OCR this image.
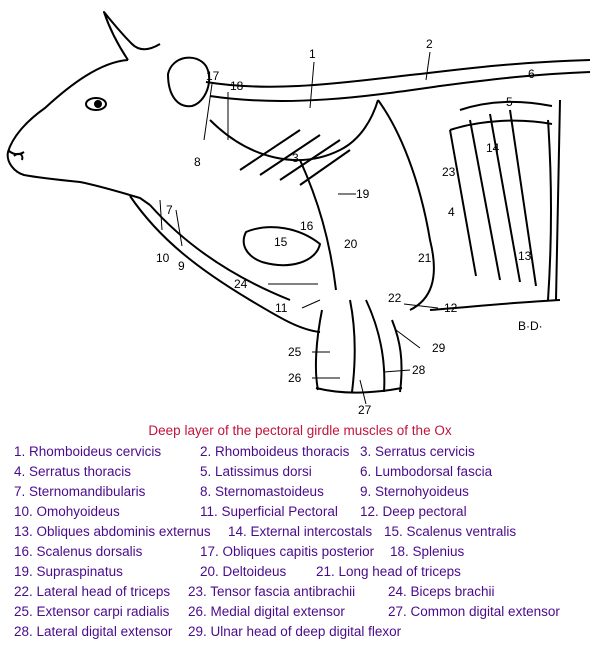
1
2
3
4
5
6
7
8
9
10
11	12
13
14
15
16
17
18
19
20
21
22
23
24
25
26
27
28
29
B·D·
Deep layer of the pectoral girdle muscles of the Ox
1. Rhomboideus cervicis	2. Rhomboideus thoracis 3. Serratus cervicis
4. Serratus thoracis	5. Latissimus dorsi	6. Lumbodorsal fascia
7. Sternomandibularis	8. Sternomastoideus	9. Sternohyoideus
10. Omohyoideus	11. Superficial Pectoral 12. Deep pectoral
13. Obliques abdominis externus 14. External intercostals 15. Scalenus ventralis
16. Scalenus dorsalis	17. Obliques capitis posterior 18. Splenius
19. Supraspinatus	20. Deltoideus 21. Long head of triceps
22. Lateral head of triceps 23. Tensor fascia antibrachii 24. Biceps brachii
25. Extensor carpi radialis 26. Medial digital extensor	27. Common digital extensor
28. Lateral digital extensor 29. Ulnar head of deep digital flexor
